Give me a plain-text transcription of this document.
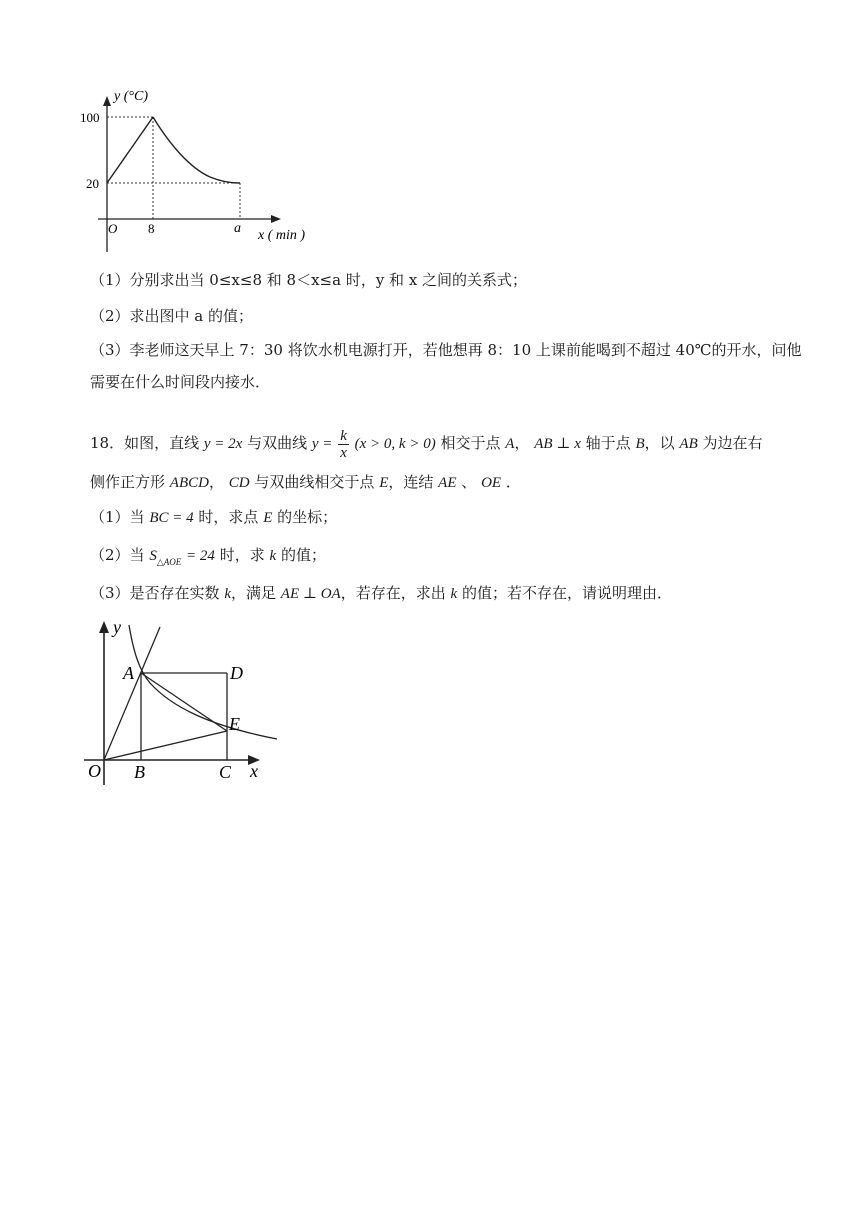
y (°C)
100
20
O 8	a x ( min )
（1）分别求出当 0≤x≤8 和 8＜x≤a 时，y 和 x 之间的关系式；
（2）求出图中 a 的值；
（3）李老师这天早上 7：30 将饮水机电源打开，若他想再 8：10 上课前能喝到不超过 40℃的开水，问他
需要在什么时间段内接水．
18．如图，直线 y = 2x 与双曲线 $y = \frac{k}{x} (x > 0$, k > 0) 相交于点 A， AB ⊥ x 轴于点 B，以 AB 为边在右
侧作正方形 ABCD， CD 与双曲线相交于点 E，连结 AE 、 OE ．
（1）当 BC = 4 时，求点 E 的坐标；
（2）当 $S_{\triangle AOE} = 24$ 时，求 k 的值；
（3）是否存在实数 k，满足 AE ⊥ OA，若存在，求出 k 的值；若不存在，请说明理由．
y
x
O
A
B	C
D
E
